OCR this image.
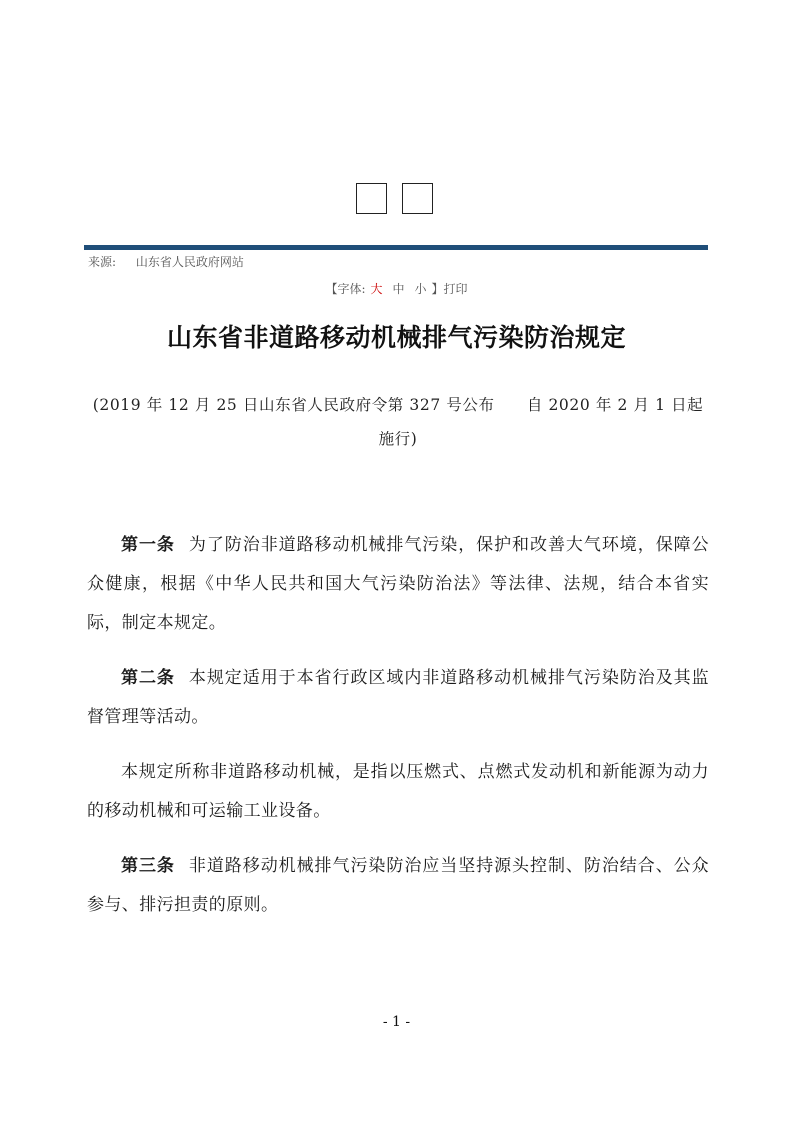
来源: 山东省人民政府网站
【字体: 大 中 小 】打印
山东省非道路移动机械排气污染防治规定
(2019 年 12 月 25 日山东省人民政府令第 327 号公布　　自 2020 年 2 月 1 日起施行)

第一条 为了防治非道路移动机械排气污染，保护和改善大气环境，保障公众健康，根据《中华人民共和国大气污染防治法》等法律、法规，结合本省实际，制定本规定。

第二条 本规定适用于本省行政区域内非道路移动机械排气污染防治及其监督管理等活动。

本规定所称非道路移动机械，是指以压燃式、点燃式发动机和新能源为动力的移动机械和可运输工业设备。

第三条 非道路移动机械排气污染防治应当坚持源头控制、防治结合、公众参与、排污担责的原则。

- 1 -
